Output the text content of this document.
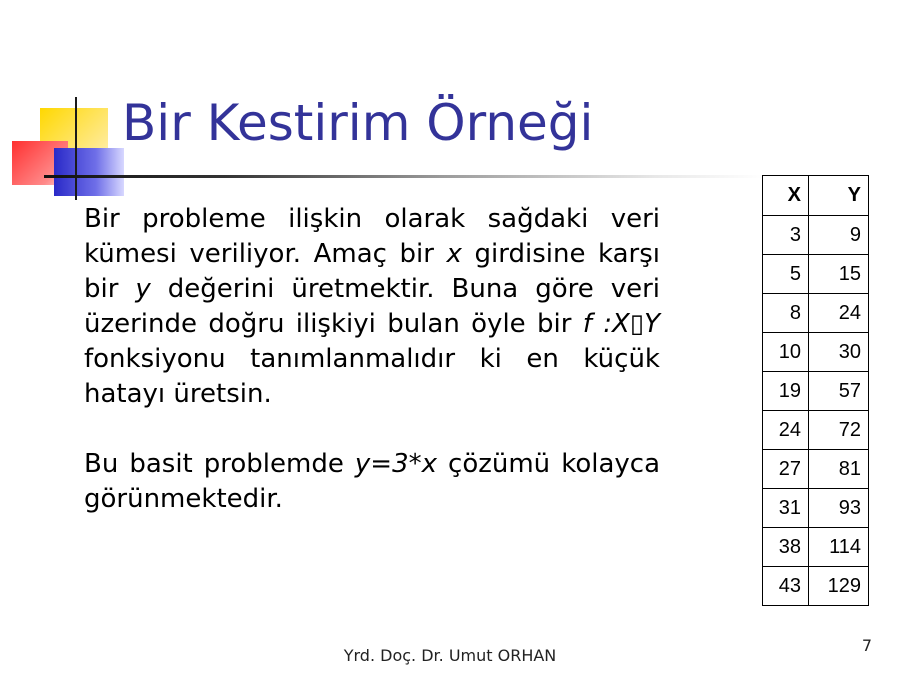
Bir Kestirim Örneği

Bir probleme ilişkin olarak sağdaki veri kümesi veriliyor. Amaç bir x girdisine karşı bir y değerini üretmektir. Buna göre veri üzerinde doğru ilişkiyi bulan öyle bir f :X▯Y fonksiyonu tanımlanmalıdır ki en küçük hatayı üretsin.

Bu basit problemde y=3*x çözümü kolayca görünmektedir.

X	Y
3	9
5	15
8	24
10	30
19	57
24	72
27	81
31	93
38	114
43	129
Yrd. Doç. Dr. Umut ORHAN
7
